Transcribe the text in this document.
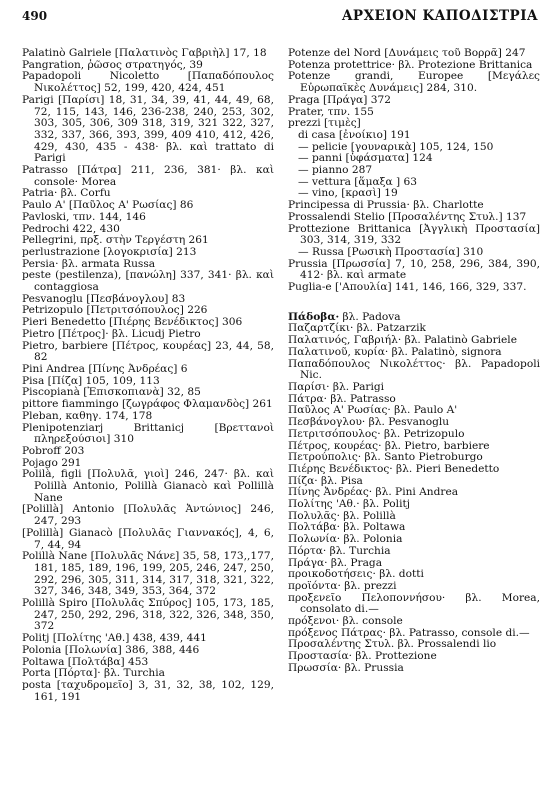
490	ΑΡΧΕΙΟΝ ΚΑΠΟΔΙΣΤΡΙΑ
Palatinò Galriele [Παλατινὸς Γαβριὴλ] 17, 18
Pangration, ῥῶσος στρατηγός, 39
Papadopoli Nicoletto [Παπαδόπουλος Νικολέττος] 52, 199, 420, 424, 451
Parigi [Παρίσι] 18, 31, 34, 39, 41, 44, 49, 68, 72, 115, 143, 146, 236-238, 240, 253, 302, 303, 305, 306, 309 318, 319, 321 322, 327, 332, 337, 366, 393, 399, 409 410, 412, 426, 429, 430, 435 - 438· βλ. καὶ trattato di Parigi
Patrasso [Πάτρα] 211, 236, 381· βλ. καὶ console· Morea
Patria· βλ. Corfu
Paulo A' [Παῦλος Α' Ρωσίας] 86
Pavloski, τπν. 144, 146
Pedrochi 422, 430
Pellegrini, πρξ. στὴν Τεργέστη 261
perlustrazione [λογοκρισία] 213
Persia· βλ. armata Russa
peste (pestilenza), [πανώλη] 337, 341· βλ. καὶ contaggiosa
Pesvanoglu [Πεσβάνογλου] 83
Petrizopulo [Πετριτσόπουλος] 226
Pieri Benedetto [Πιέρης Βενέδικτος] 306
Pietro [Πέτρος]· βλ. Licudj Pietro
Pietro, barbiere [Πέτρος, κουρέας] 23, 44, 58, 82
Pini Andrea [Πίνης Ἀνδρέας] 6
Pisa [Πίζα] 105, 109, 113
Piscopianà [Ἐπισκοπιανὰ] 32, 85
pittore fiammingo [ζωγράφος Φλαμανδὸς] 261
Pleban, καθηγ. 174, 178
Plenipotenziarj Brittanicj [Βρεττανοὶ πληρεξούσιοι] 310
Pobroff 203
Pojago 291
Polilà, figli [Πολυλᾶ, γιοὶ] 246, 247· βλ. καὶ Polillà Antonio, Polillà Gianacò καὶ Pollillà Nane
[Polillà] Antonio [Πολυλᾶς Ἀντώνιος] 246, 247, 293
[Polillà] Gianacò [Πολυλᾶς Γιαννακός], 4, 6, 7, 44, 94
Polillà Nane [Πολυλᾶς Νάνε] 35, 58, 173,,177, 181, 185, 189, 196, 199, 205, 246, 247, 250, 292, 296, 305, 311, 314, 317, 318, 321, 322, 327, 346, 348, 349, 353, 364, 372
Polillà Spiro [Πολυλᾶς Σπύρος] 105, 173, 185, 247, 250, 292, 296, 318, 322, 326, 348, 350, 372
Politj [Πολίτης 'Αθ.] 438, 439, 441
Polonia [Πολωνία] 386, 388, 446
Poltawa [Πολτάβα] 453
Porta [Πόρτα]· βλ. Turchia
posta [ταχυδρομεῖο] 3, 31, 32, 38, 102, 129, 161, 191
Potenze del Nord [Δυνάμεις τοῦ Βορρᾶ] 247
Potenza protettrice· βλ. Protezione Brittanica
Potenze grandi, Europee [Μεγάλες Εὐρωπαϊκὲς Δυνάμεις] 284, 310.
Praga [Πράγα] 372
Prater, τπν. 155
prezzi [τιμὲς]
di casa [ἐνοίκιο] 191
— pelicie [γουναρικὰ] 105, 124, 150
— panni [ὑφάσματα] 124
— pianno 287
— vettura [ἅμαξα ] 63
— vino, [κρασὶ] 19
Principessa di Prussia· βλ. Charlotte
Prossalendi Stelio [Προσαλέντης Στυλ.] 137
Prottezione Brittanica [Ἀγγλικὴ Προστασία] 303, 314, 319, 332
— Russa [Ρωσικὴ Προστασία] 310
Prussia [Πρωσσία] 7, 10, 258, 296, 384, 390, 412· βλ. καὶ armate
Puglia-e ['Απουλία] 141, 146, 166, 329, 337.
Πάδοβα· βλ. Padova
Παζαρτζίκι· βλ. Patzarzik
Παλατινός, Γαβριήλ· βλ. Palatinò Gabriele
Παλατινοῦ, κυρία· βλ. Palatinò, signora
Παπαδόπουλος Νικολέττος· βλ. Papadopoli Nic.
Παρίσι· βλ. Parigi
Πάτρα· βλ. Patrasso
Παῦλος Α' Ρωσίας· βλ. Paulo A'
Πεσβάνογλου· βλ. Pesvanoglu
Πετριτσόπουλος· βλ. Petrizopulo
Πέτρος, κουρέας· βλ. Pietro, barbiere
Πετρούπολις· βλ. Santo Pietroburgo
Πιέρης Βενέδικτος· βλ. Pieri Benedetto
Πίζα· βλ. Pisa
Πίνης Ἀνδρέας· βλ. Pini Andrea
Πολίτης 'Αθ.· βλ. Politj
Πολυλᾶς· βλ. Polillà
Πολτάβα· βλ. Poltawa
Πολωνία· βλ. Polonia
Πόρτα· βλ. Turchia
Πράγα· βλ. Praga
προικοδοτήσεις· βλ. dotti
προϊόντα· βλ. prezzi
προξενεῖο Πελοποννήσου· βλ. Morea, consolato di.—
πρόξενοι· βλ. console
πρόξενος Πάτρας· βλ. Patrasso, console di.—
Προσαλέντης Στυλ. βλ. Prossalendi lio
Προστασία· βλ. Prottezione
Πρωσσία· βλ. Prussia
